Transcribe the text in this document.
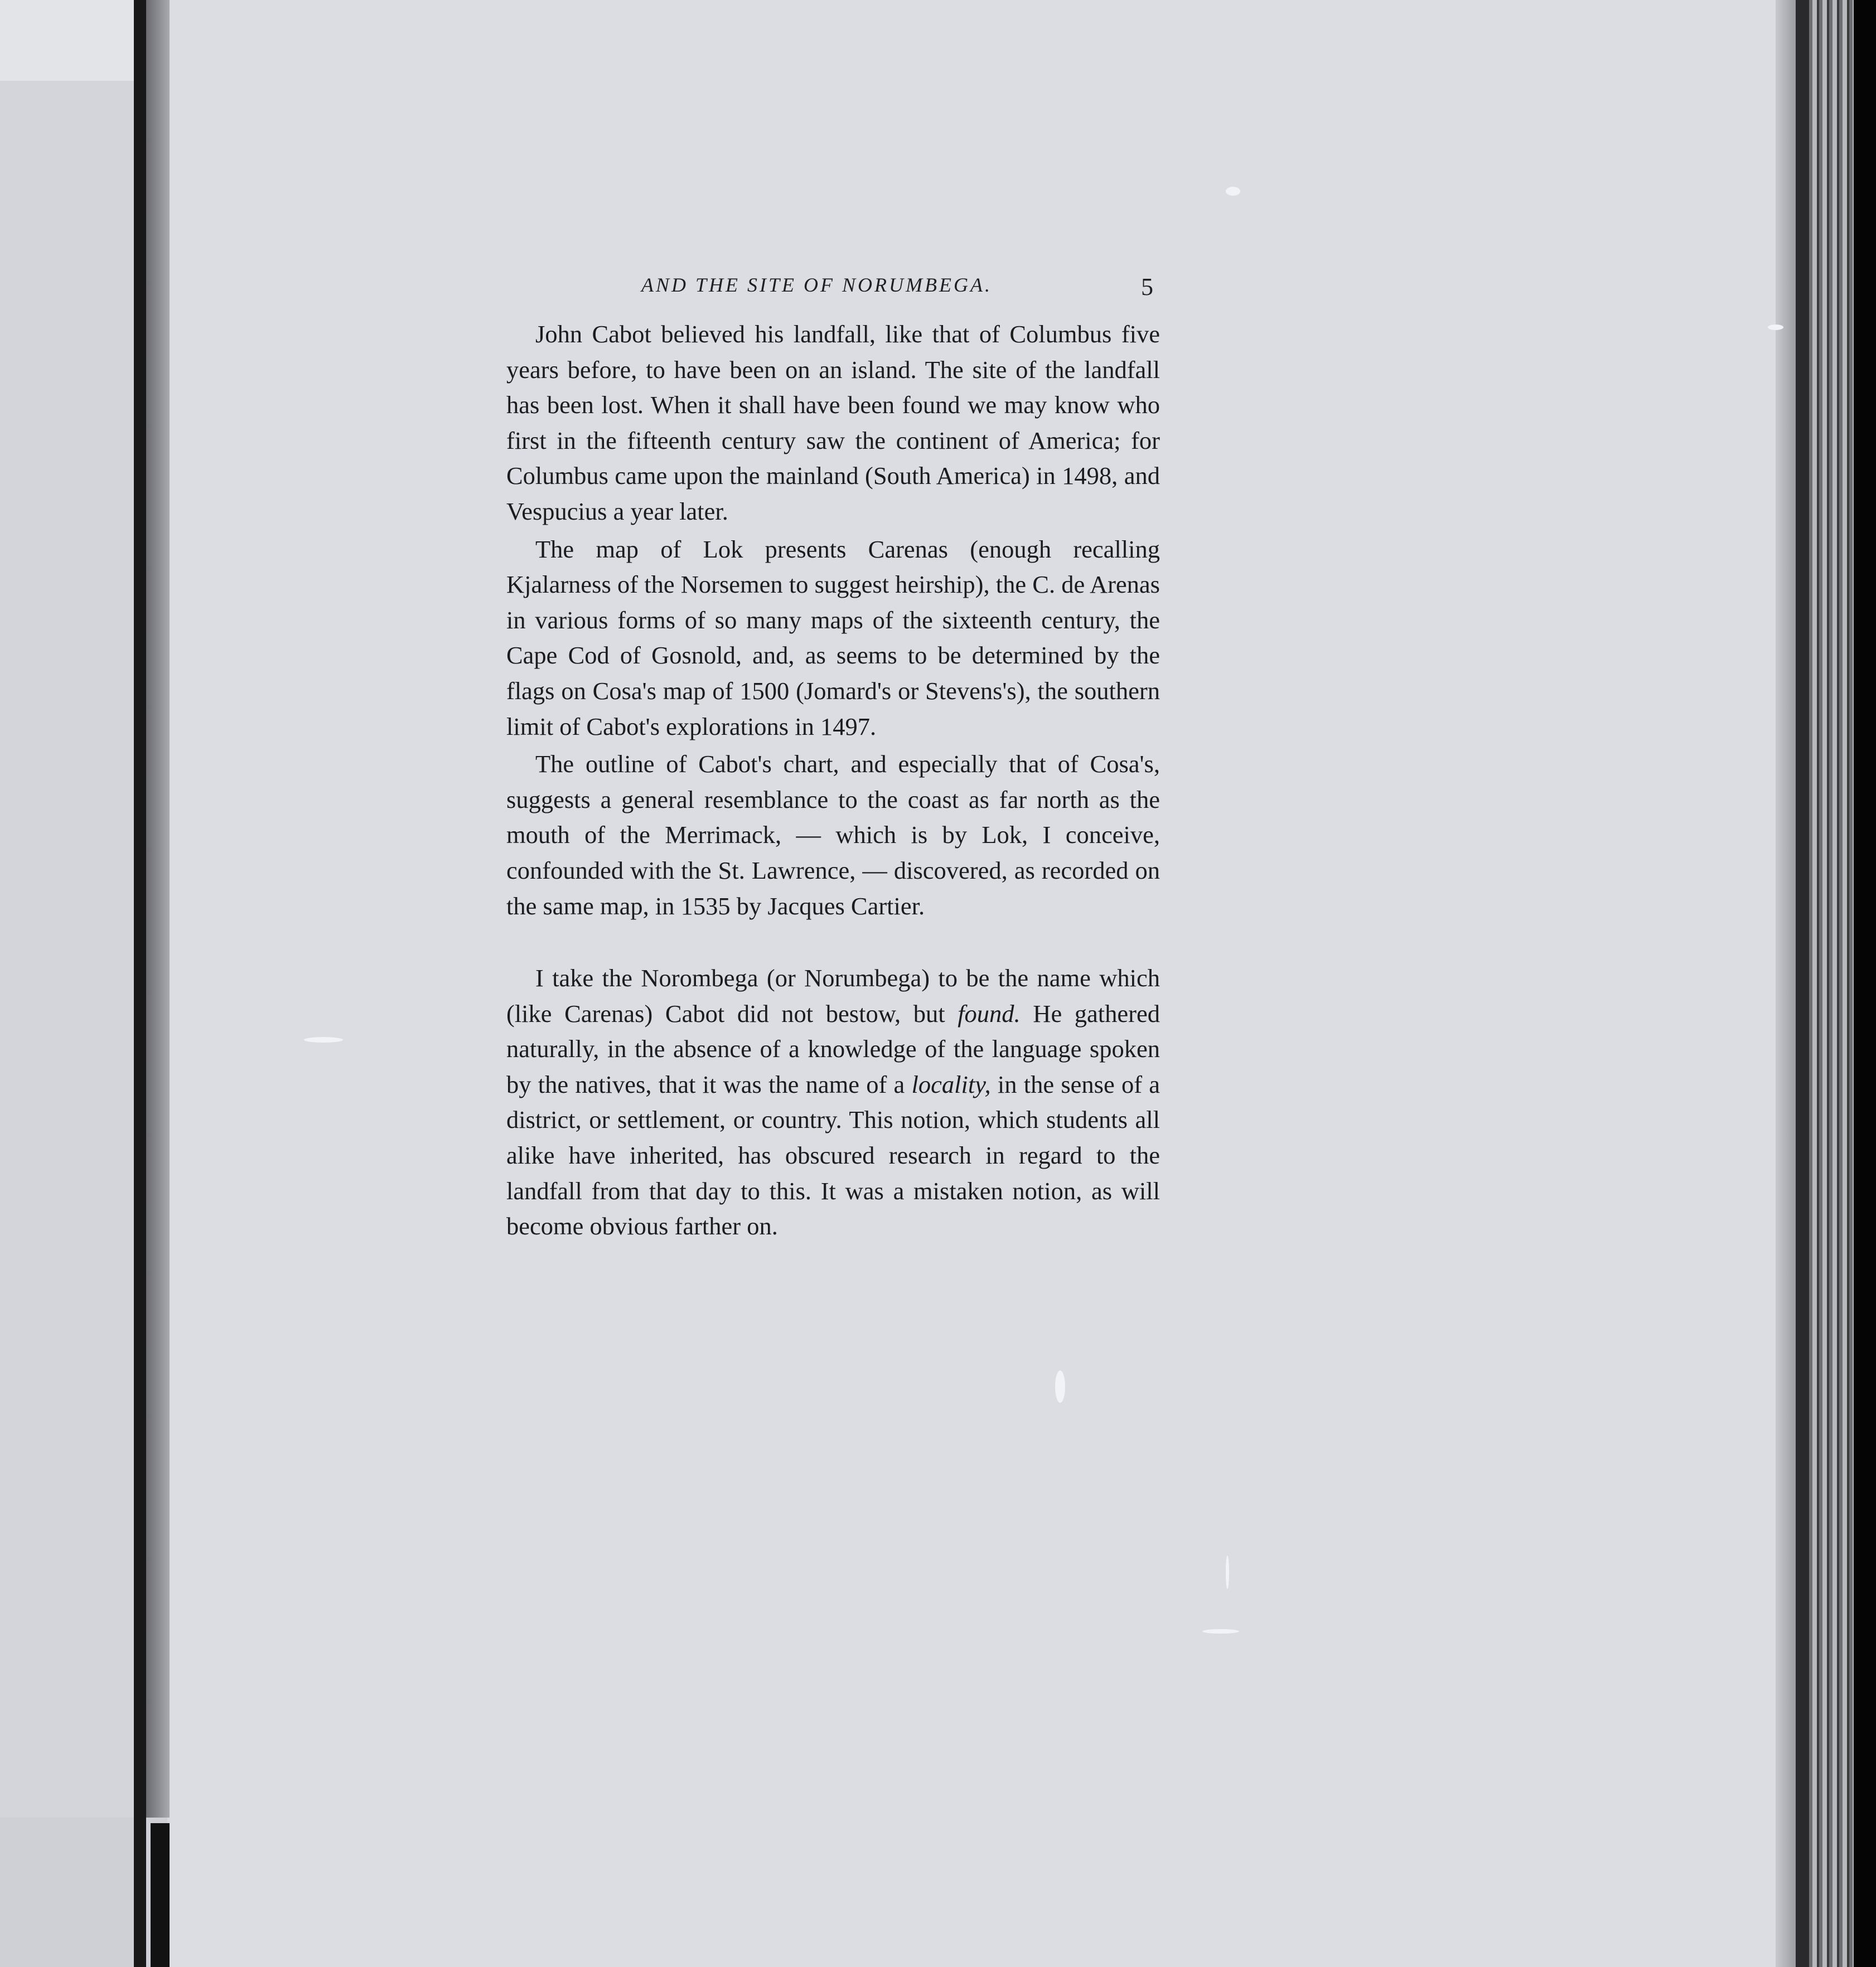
AND THE SITE OF NORUMBEGA.	5

John Cabot believed his landfall, like that of Columbus five years before, to have been on an island. The site of the landfall has been lost. When it shall have been found we may know who first in the fifteenth century saw the continent of America; for Columbus came upon the mainland (South America) in 1498, and Vespucius a year later.

The map of Lok presents Carenas (enough recalling Kjalarness of the Norsemen to suggest heirship), the C. de Arenas in various forms of so many maps of the sixteenth century, the Cape Cod of Gosnold, and, as seems to be determined by the flags on Cosa's map of 1500 (Jomard's or Stevens's), the southern limit of Cabot's explorations in 1497.

The outline of Cabot's chart, and especially that of Cosa's, suggests a general resemblance to the coast as far north as the mouth of the Merrimack, — which is by Lok, I conceive, confounded with the St. Lawrence, — discovered, as recorded on the same map, in 1535 by Jacques Cartier.

I take the Norombega (or Norumbega) to be the name which (like Carenas) Cabot did not bestow, but found. He gathered naturally, in the absence of a knowledge of the language spoken by the natives, that it was the name of a locality, in the sense of a district, or settlement, or country. This notion, which students all alike have inherited, has obscured research in regard to the landfall from that day to this. It was a mistaken notion, as will become obvious farther on.
